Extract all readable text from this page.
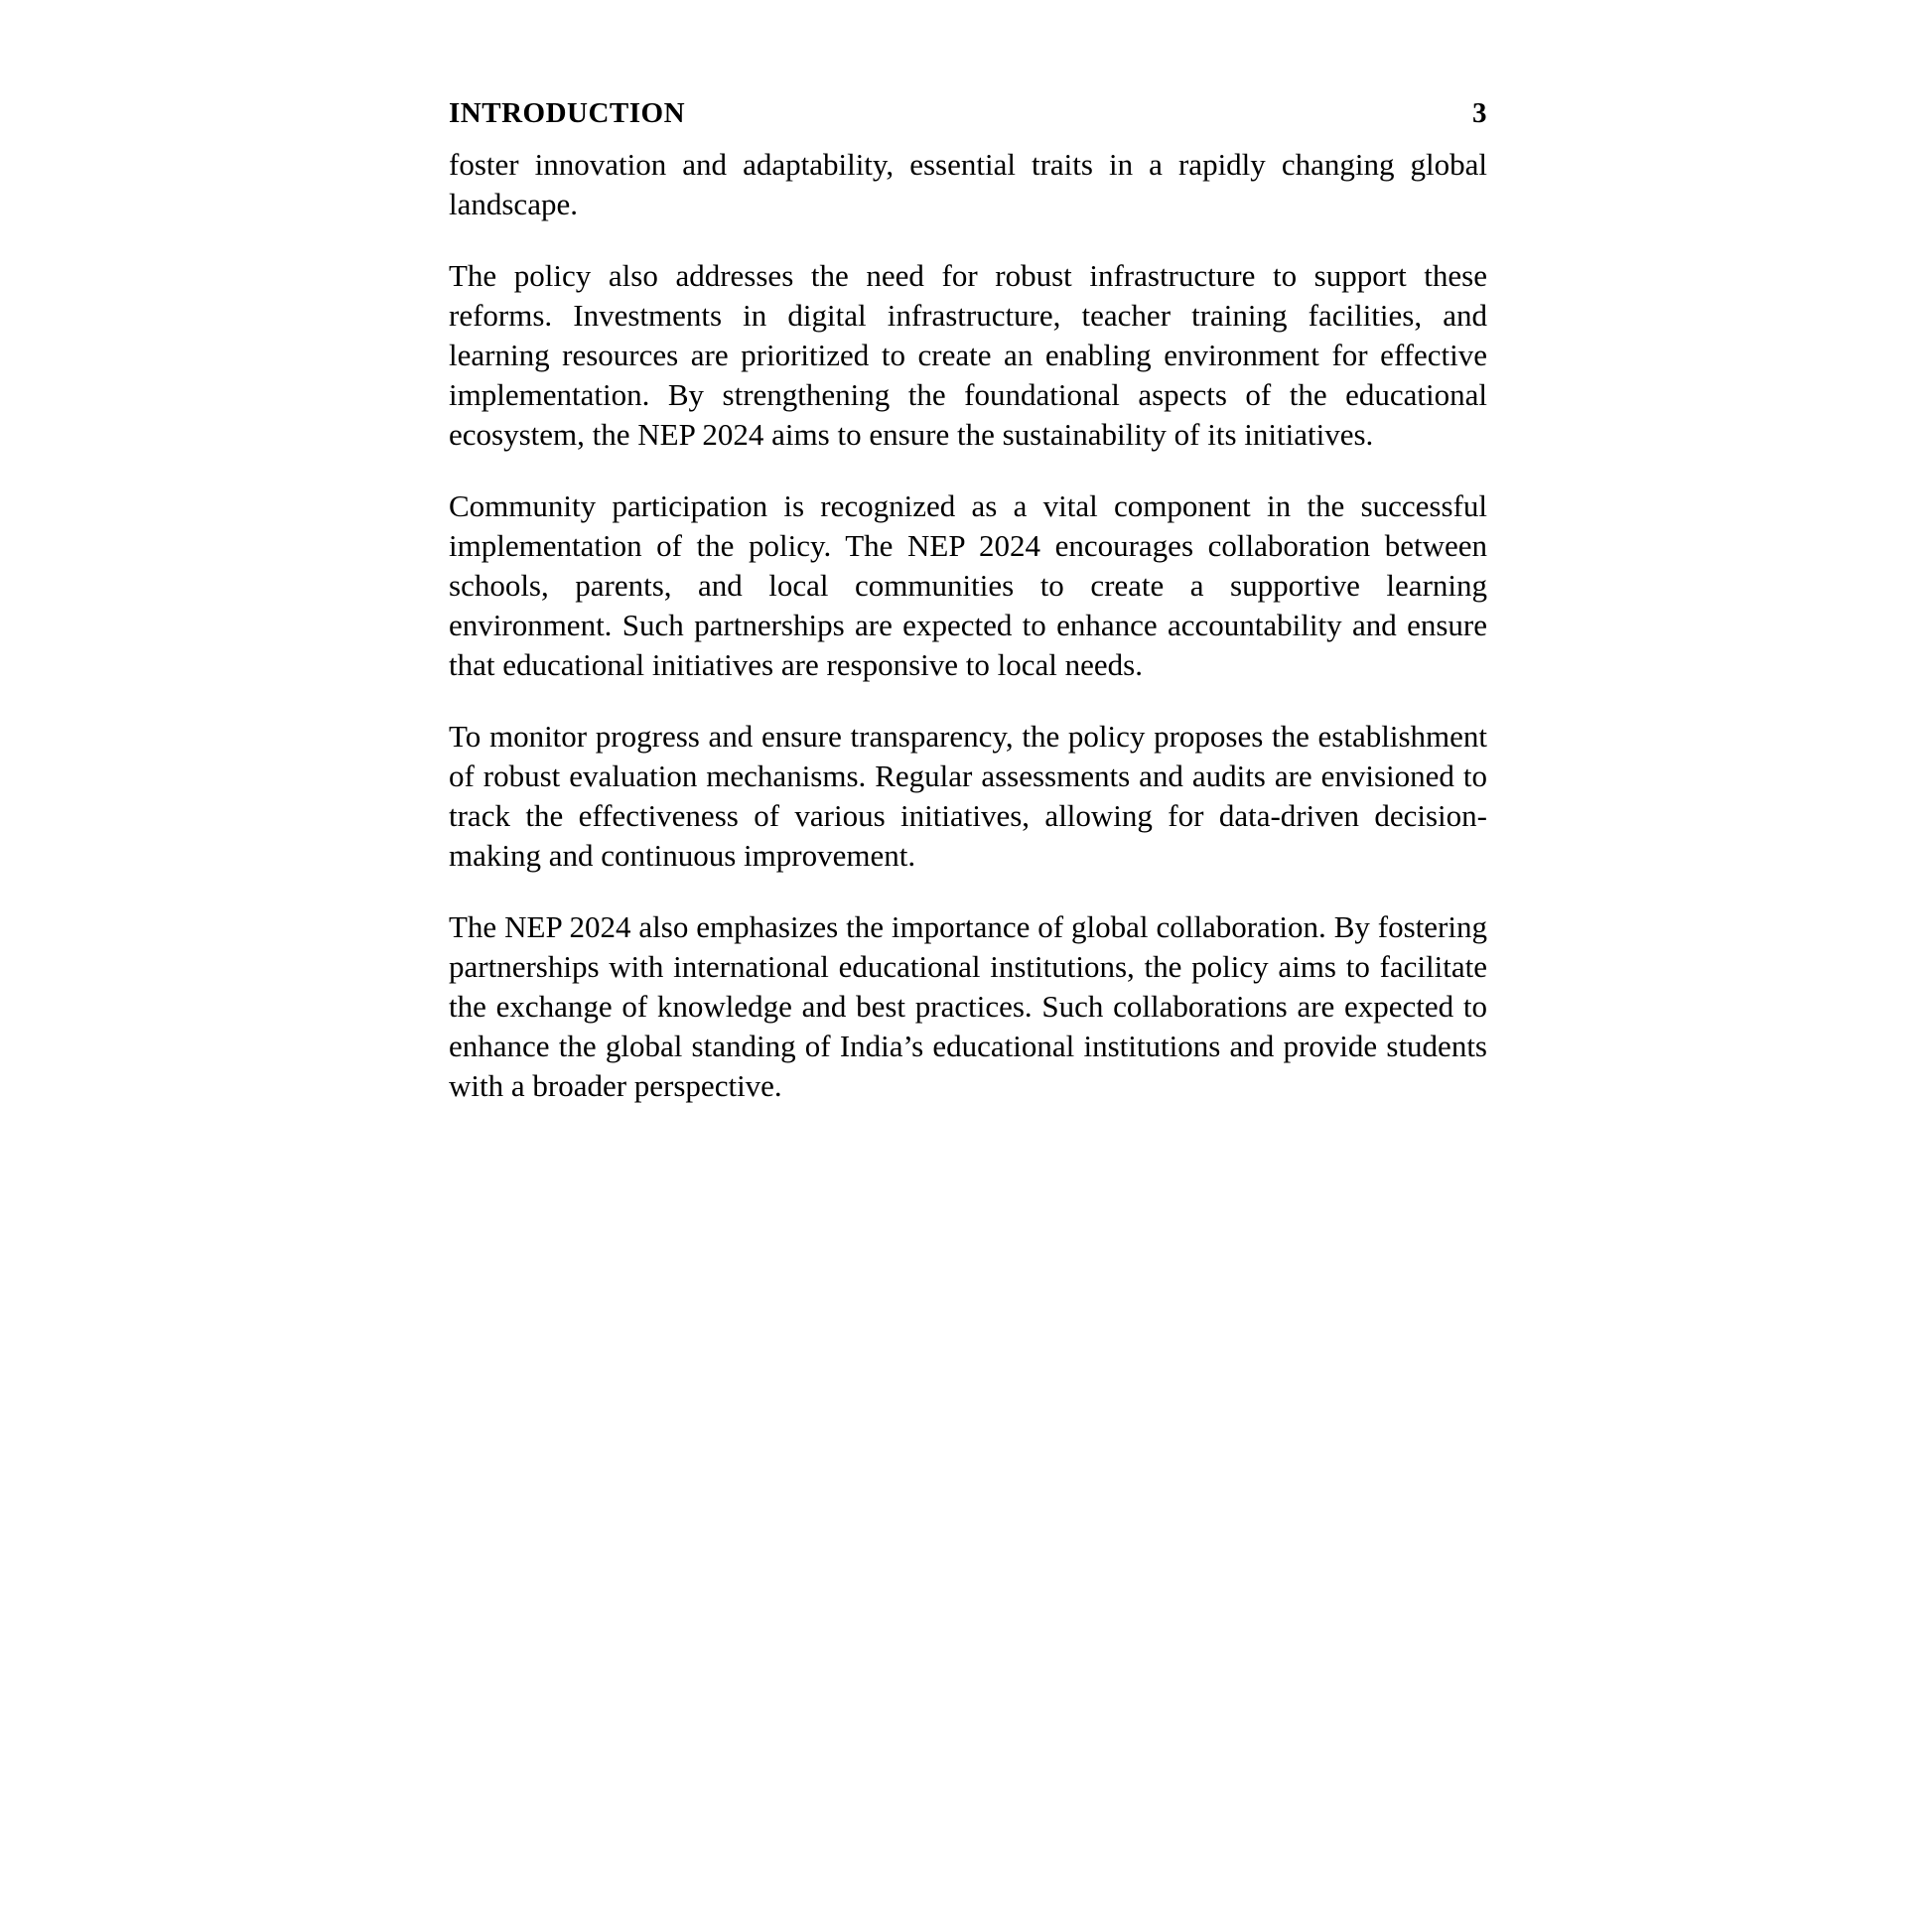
INTRODUCTION	3

foster innovation and adaptability, essential traits in a rapidly changing global landscape.

The policy also addresses the need for robust infrastructure to support these reforms. Investments in digital infrastructure, teacher training facilities, and learning resources are prioritized to create an enabling environment for effective implementation. By strengthening the foundational aspects of the educational ecosystem, the NEP 2024 aims to ensure the sustainability of its initiatives.

Community participation is recognized as a vital component in the successful implementation of the policy. The NEP 2024 encourages collaboration between schools, parents, and local communities to create a supportive learning environment. Such partnerships are expected to enhance accountability and ensure that educational initiatives are responsive to local needs.

To monitor progress and ensure transparency, the policy proposes the establishment of robust evaluation mechanisms. Regular assessments and audits are envisioned to track the effectiveness of various initiatives, allowing for data-driven decision-making and continuous improvement.

The NEP 2024 also emphasizes the importance of global collaboration. By fostering partnerships with international educational institutions, the policy aims to facilitate the exchange of knowledge and best practices. Such collaborations are expected to enhance the global standing of India’s educational institutions and provide students with a broader perspective.
